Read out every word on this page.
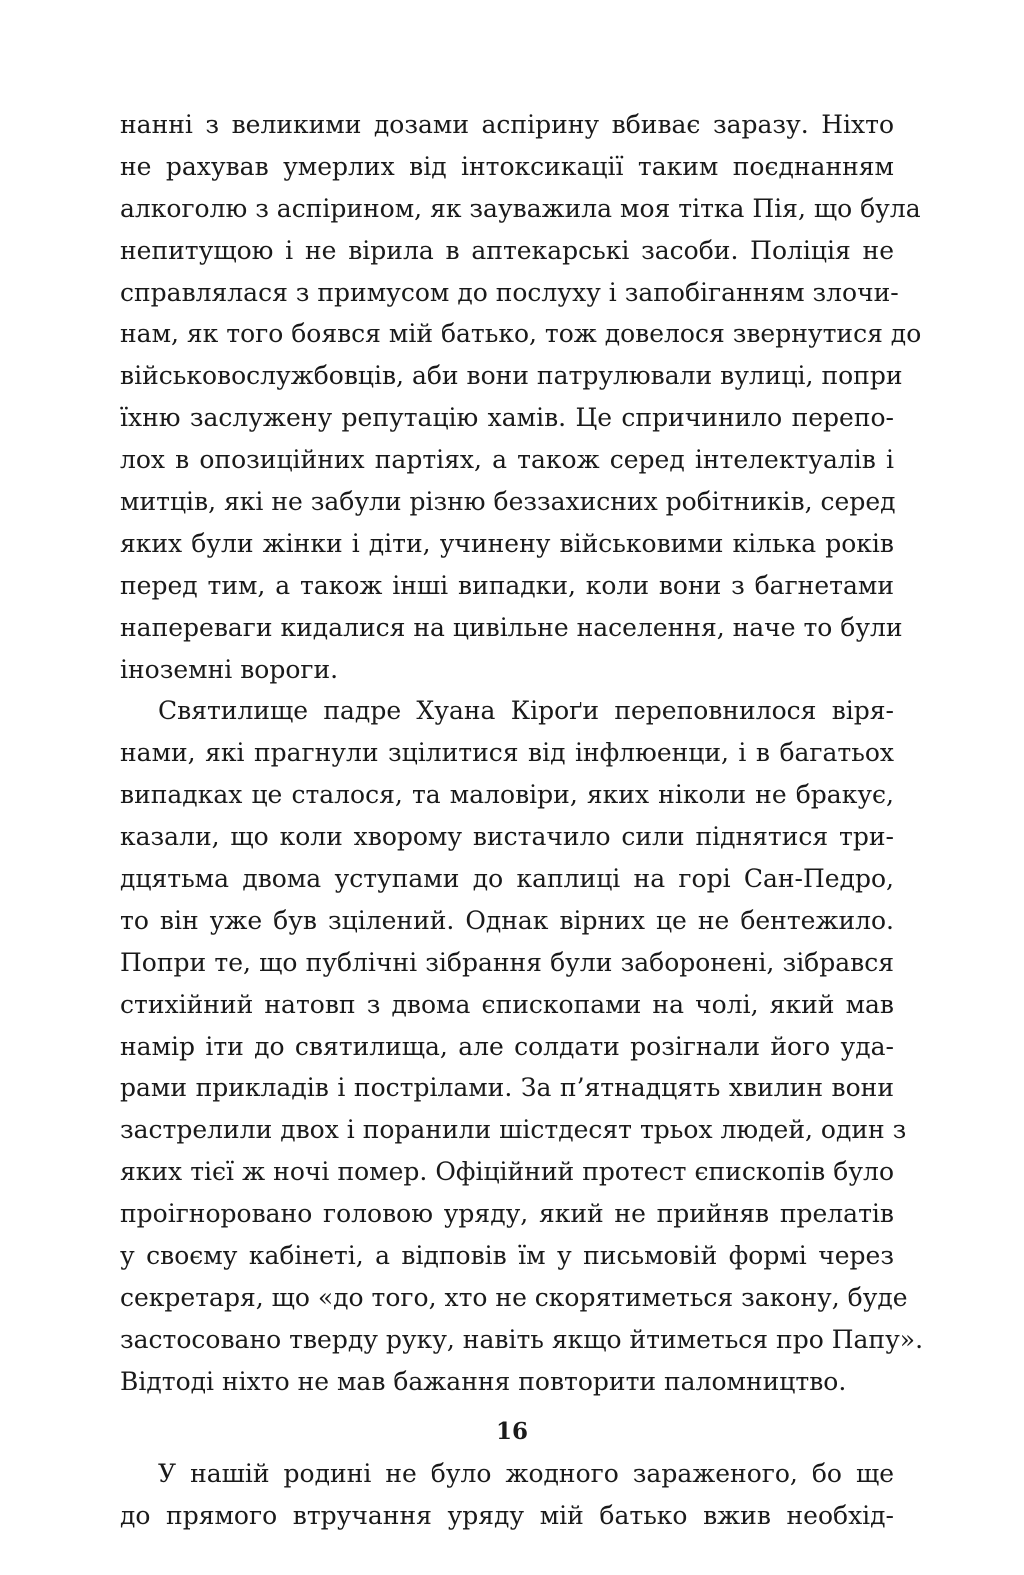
нанні з великими дозами аспірину вбиває заразу. Ніхто
не рахував умерлих від інтоксикації таким поєднанням
алкоголю з аспірином, як зауважила моя тітка Пія, що була
непитущою і не вірила в аптекарські засоби. Поліція не
справлялася з примусом до послуху і запобіганням злочи-
нам, як того боявся мій батько, тож довелося звернутися до
військовослужбовців, аби вони патрулювали вулиці, попри
їхню заслужену репутацію хамів. Це спричинило перепо-
лох в опозиційних партіях, а також серед інтелектуалів і
митців, які не забули різню беззахисних робітників, серед
яких були жінки і діти, учинену військовими кілька років
перед тим, а також інші випадки, коли вони з багнетами
напереваги кидалися на цивільне населення, наче то були
іноземні вороги.
Святилище падре Хуана Кіроґи переповнилося віря-
нами, які прагнули зцілитися від інфлюенци, і в багатьох
випадках це сталося, та маловіри, яких ніколи не бракує,
казали, що коли хворому вистачило сили піднятися три-
дцятьма двома уступами до каплиці на горі Сан-Педро,
то він уже був зцілений. Однак вірних це не бентежило.
Попри те, що публічні зібрання були заборонені, зібрався
стихійний натовп з двома єпископами на чолі, який мав
намір іти до святилища, але солдати розігнали його уда-
рами прикладів і пострілами. За п’ятнадцять хвилин вони
застрелили двох і поранили шістдесят трьох людей, один з
яких тієї ж ночі помер. Офіційний протест єпископів було
проігноровано головою уряду, який не прийняв прелатів
у своєму кабінеті, а відповів їм у письмовій формі через
секретаря, що «до того, хто не скорятиметься закону, буде
застосовано тверду руку, навіть якщо йтиметься про Папу».
Відтоді ніхто не мав бажання повторити паломництво.
У нашій родині не було жодного зараженого, бо ще
до прямого втручання уряду мій батько вжив необхід-
16
